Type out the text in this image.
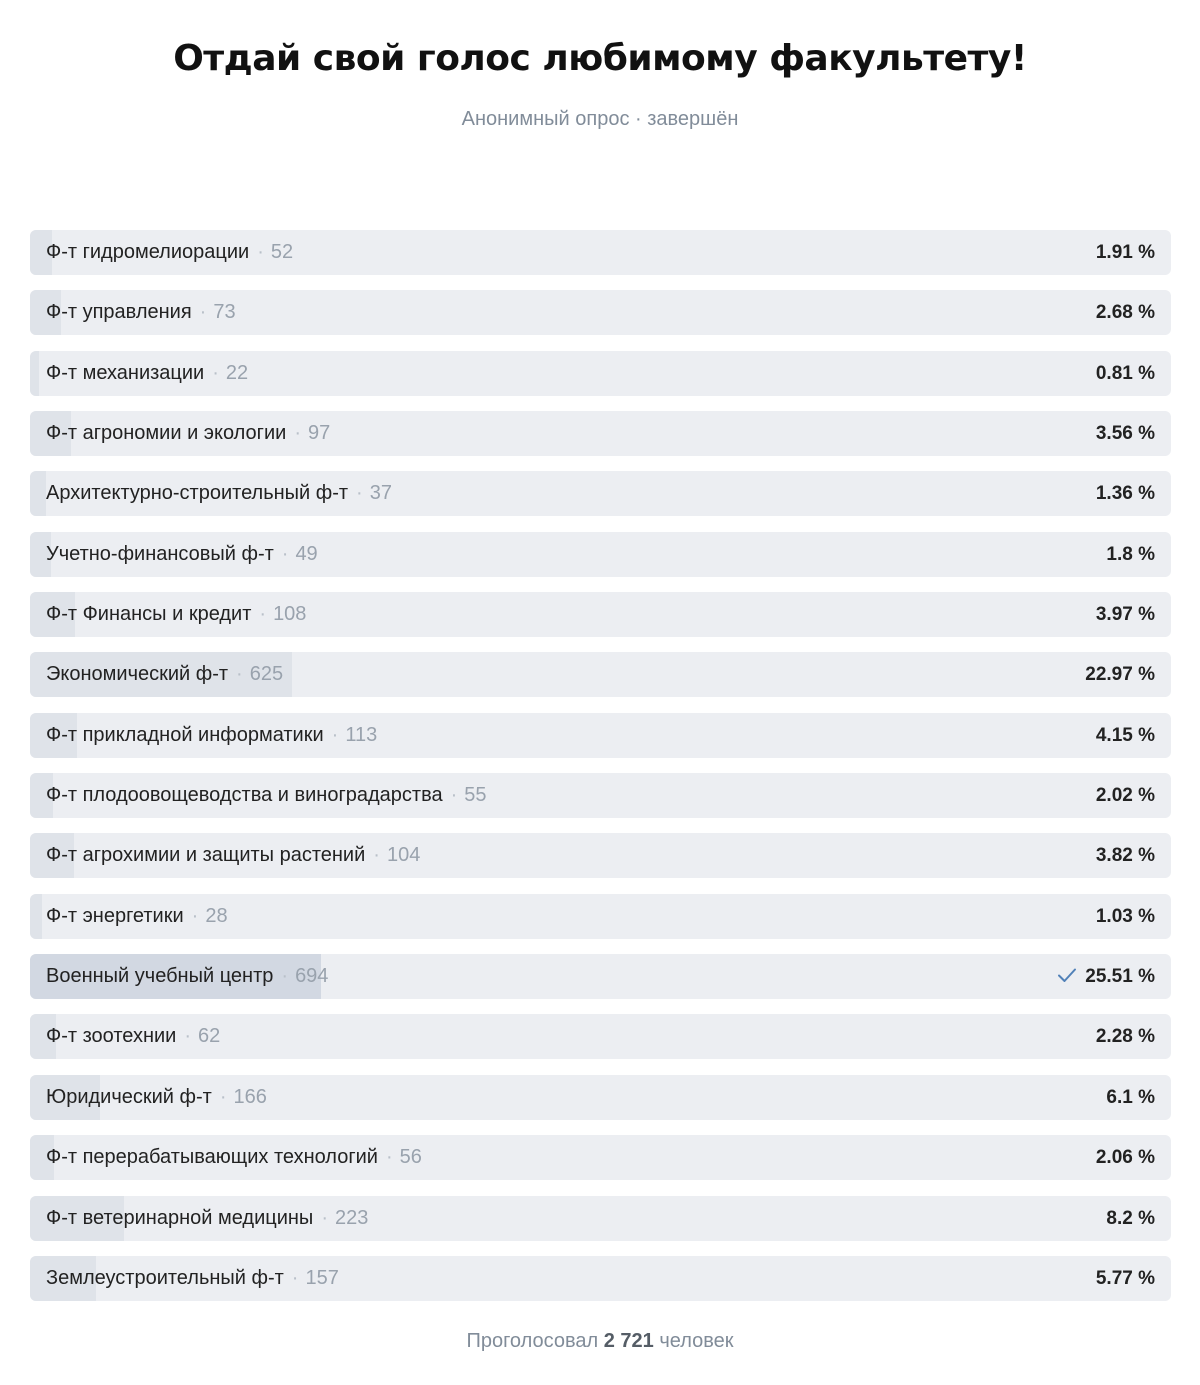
Отдай свой голос любимому факультету!
Анонимный опрос · завершён
Ф-т гидромелиорации · 52	1.91 %
Ф-т управления · 73	2.68 %
Ф-т механизации · 22	0.81 %
Ф-т агрономии и экологии · 97	3.56 %
Архитектурно-строительный ф-т · 37	1.36 %
Учетно-финансовый ф-т · 49	1.8 %
Ф-т Финансы и кредит · 108	3.97 %
Экономический ф-т · 625	22.97 %
Ф-т прикладной информатики · 113	4.15 %
Ф-т плодоовощеводства и виноградарства · 55	2.02 %
Ф-т агрохимии и защиты растений · 104	3.82 %
Ф-т энергетики · 28	1.03 %
Военный учебный центр · 694	25.51 %
Ф-т зоотехнии · 62	2.28 %
Юридический ф-т · 166	6.1 %
Ф-т перерабатывающих технологий · 56	2.06 %
Ф-т ветеринарной медицины · 223	8.2 %
Землеустроительный ф-т · 157	5.77 %
Проголосовал 2 721 человек
